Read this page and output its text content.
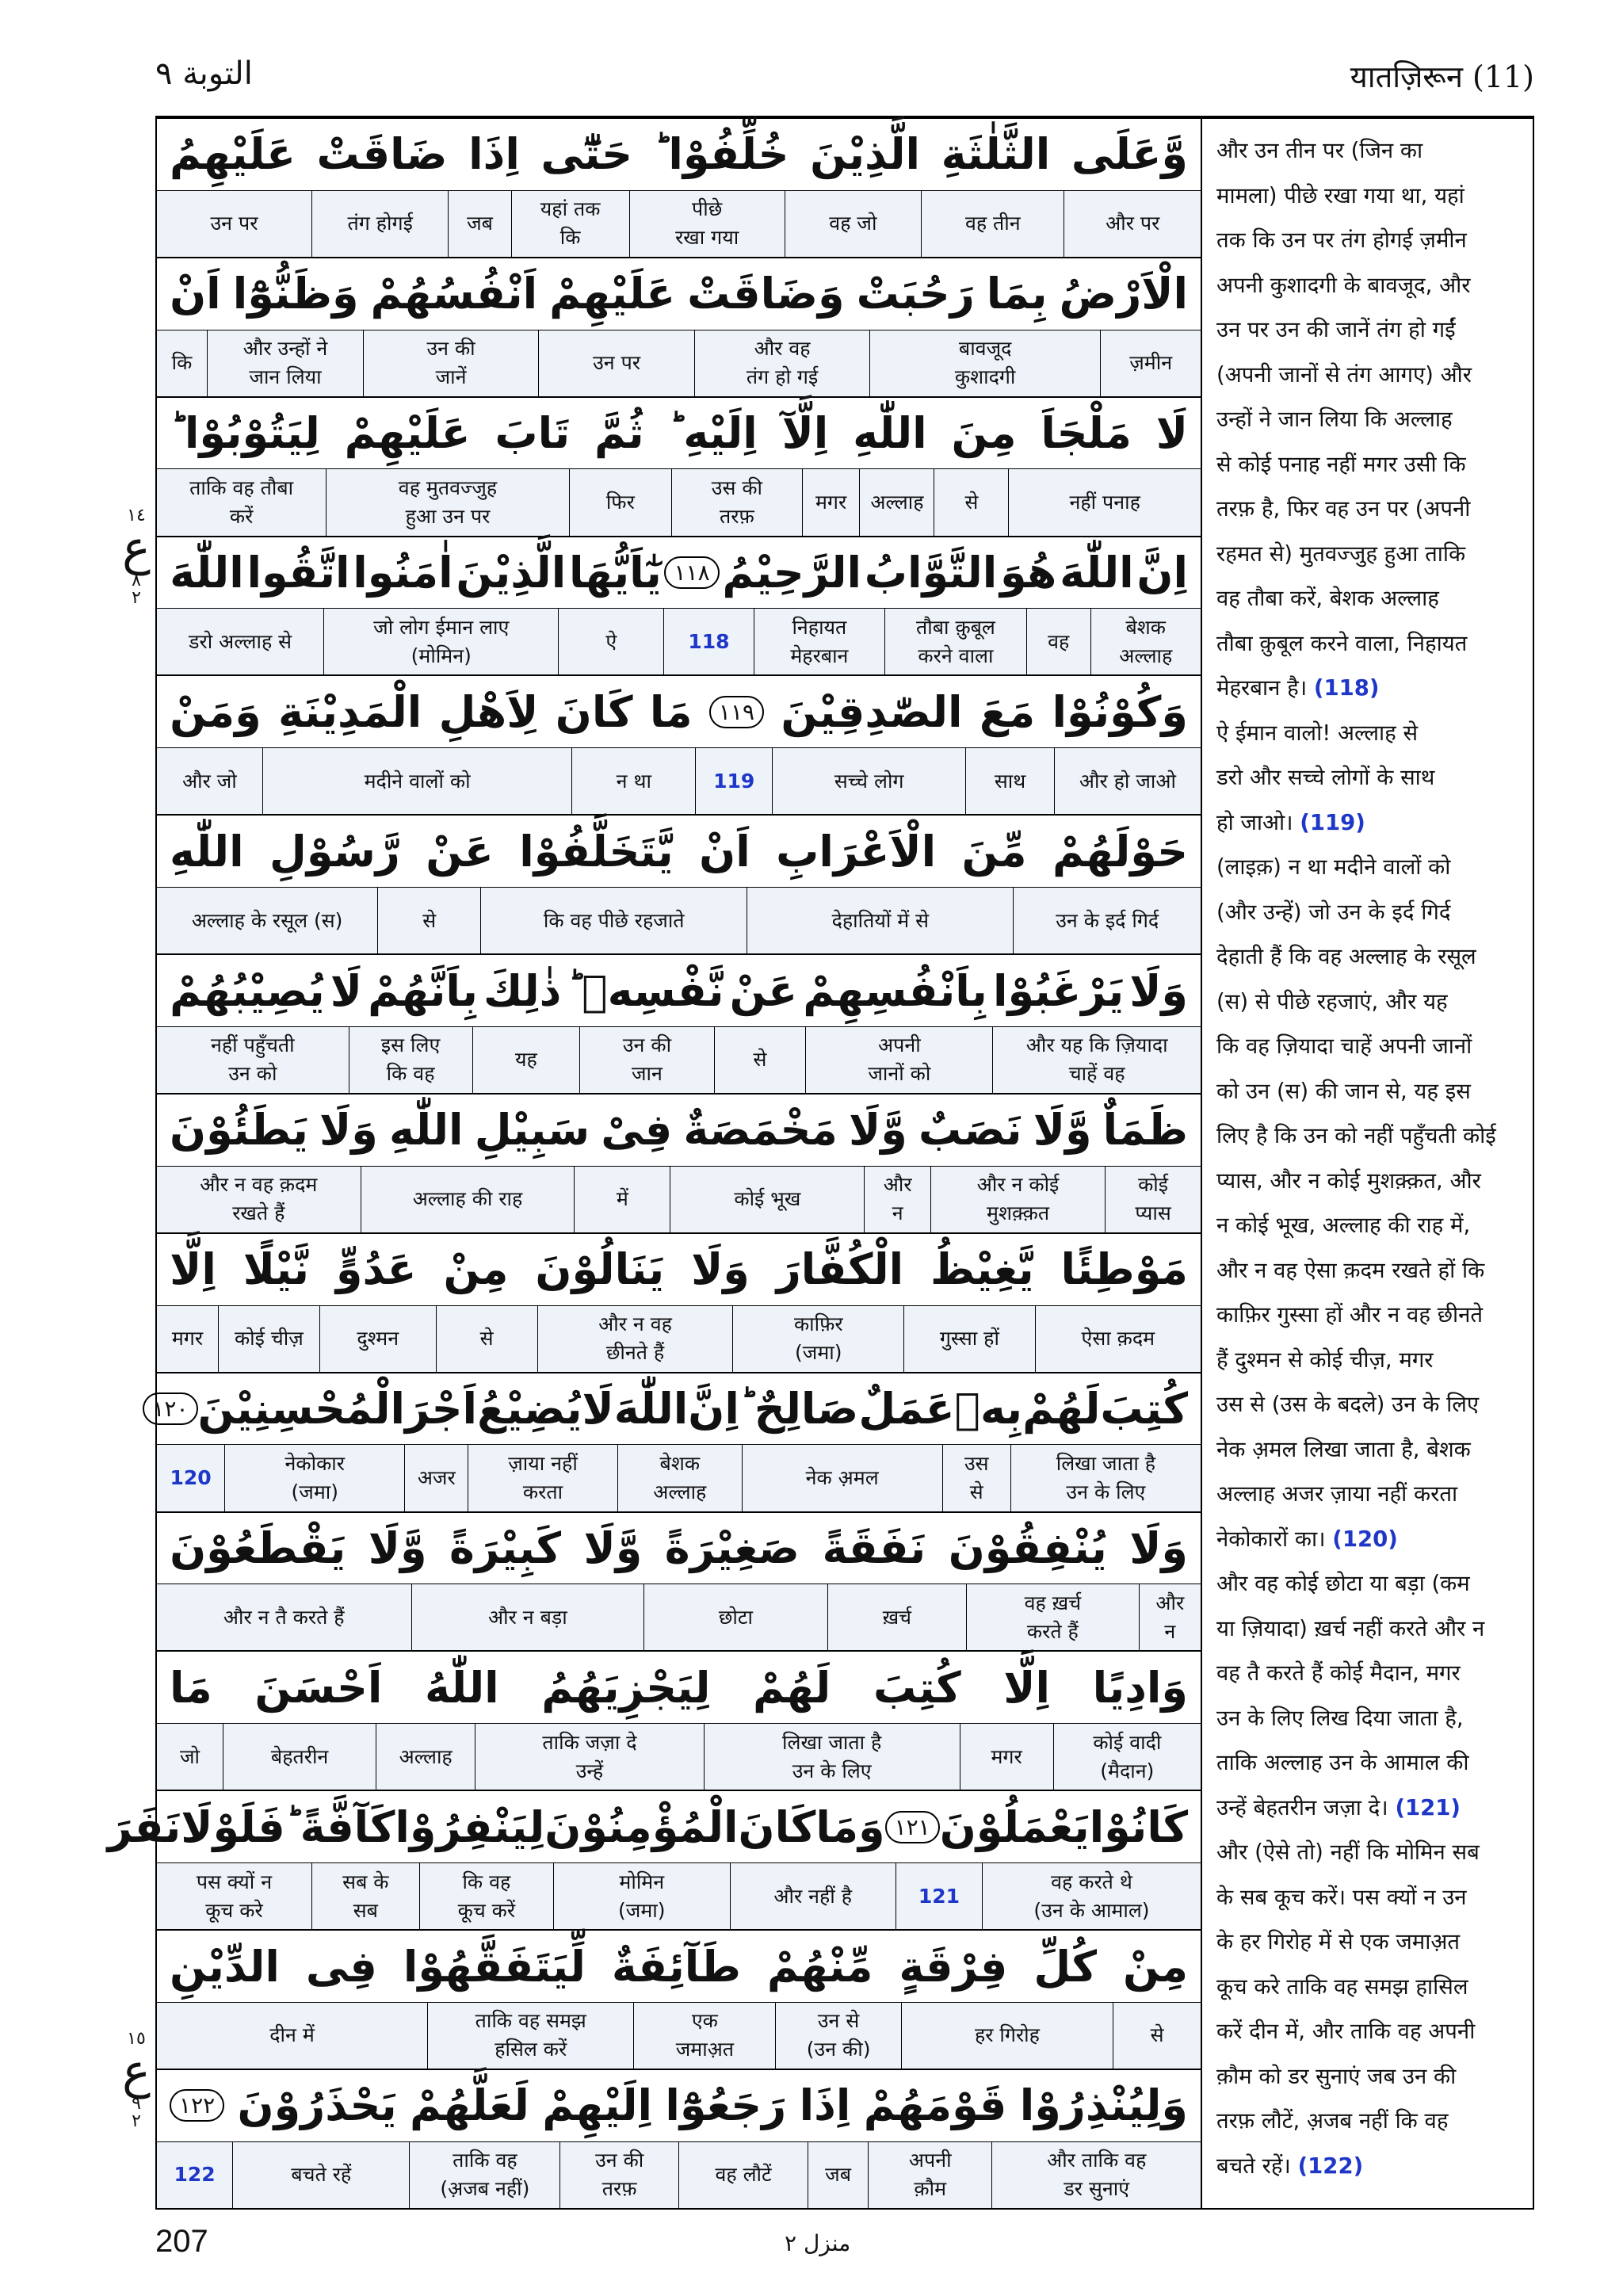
التوبة ٩	यातज़िरून (11)
وَّعَلَى
الثَّلٰثَةِ
الَّذِيْنَ
خُلِّفُوْا ؕ
حَتّٰٓى
اِذَا
ضَاقَتْ
عَلَيْهِمُ
और पर
वह तीन
वह जो
पीछे
रखा गया
यहां तक
कि
जब
तंग होगई
उन पर
الْاَرْضُ
بِمَا
رَحُبَتْ
وَضَاقَتْ
عَلَيْهِمْ
اَنْفُسُهُمْ
وَظَنُّوْٓا
اَنْ
ज़मीन
बावजूद
कुशादगी
और वह
तंग हो गई
उन पर
उन की
जानें
और उन्हों ने
जान लिया
कि
لَا
مَلْجَاَ
مِنَ
اللّٰهِ
اِلَّآ
اِلَيْهِ ؕ
ثُمَّ
تَابَ
عَلَيْهِمْ
لِيَتُوْبُوْا ؕ
नहीं पनाह
से
अल्लाह
मगर
उस की
तरफ़
फिर
वह मुतवज्जुह
हुआ उन पर
ताकि वह तौबा
करें
اِنَّ
اللّٰهَ
هُوَ
التَّوَّابُ
الرَّحِيْمُ
١١٨
يٰٓاَيُّهَا
الَّذِيْنَ
اٰمَنُوا
اتَّقُوا
اللّٰهَ
बेशक
अल्लाह
वह
तौबा क़ुबूल
करने वाला
निहायत
मेहरबान
118
ऐ
जो लोग ईमान लाए
(मोमिन)
डरो अल्लाह से
وَكُوْنُوْا
مَعَ
الصّٰدِقِيْنَ
١١٩
مَا
كَانَ
لِاَهْلِ
الْمَدِيْنَةِ
وَمَنْ
और हो जाओ
साथ
सच्चे लोग
119
न था
मदीने वालों को
और जो
حَوْلَهُمْ
مِّنَ
الْاَعْرَابِ
اَنْ
يَّتَخَلَّفُوْا
عَنْ
رَّسُوْلِ
اللّٰهِ
उन के इर्द गिर्द
देहातियों में से
कि वह पीछे रहजाते
से
अल्लाह के रसूल (स)
وَلَا
يَرْغَبُوْا
بِاَنْفُسِهِمْ
عَنْ
نَّفْسِهٖ ؕ
ذٰلِكَ
بِاَنَّهُمْ
لَا
يُصِيْبُهُمْ
और यह कि ज़ियादा
चाहें वह
अपनी
जानों को
से
उन की
जान
यह
इस लिए
कि वह
नहीं पहुँचती
उन को
ظَمَاٌ
وَّلَا
نَصَبٌ
وَّلَا
مَخْمَصَةٌ
فِىْ
سَبِيْلِ
اللّٰهِ
وَلَا
يَطَئُوْنَ
कोई
प्यास
और न कोई
मुशक़्क़त
और
न
कोई भूख
में
अल्लाह की राह
और न वह क़दम
रखते हैं
مَوْطِئًا
يَّغِيْظُ
الْكُفَّارَ
وَلَا
يَنَالُوْنَ
مِنْ
عَدُوٍّ
نَّيْلًا
اِلَّا
ऐसा क़दम
गुस्सा हों
काफ़िर
(जमा)
और न वह
छीनते हैं
से
दुश्मन
कोई चीज़
मगर
كُتِبَ
لَهُمْ
بِهٖ
عَمَلٌ
صَالِحٌ ؕ
اِنَّ
اللّٰهَ
لَا
يُضِيْعُ
اَجْرَ
الْمُحْسِنِيْنَ
١٢٠
लिखा जाता है
उन के लिए
उस
से
नेक अ़मल
बेशक
अल्लाह
ज़ाया नहीं
करता
अजर
नेकोकार
(जमा)
120
وَلَا
يُنْفِقُوْنَ
نَفَقَةً
صَغِيْرَةً
وَّلَا
كَبِيْرَةً
وَّلَا
يَقْطَعُوْنَ
और
न
वह ख़र्च
करते हैं
ख़र्च
छोटा
और न बड़ा
और न तै करते हैं
وَادِيًا
اِلَّا
كُتِبَ
لَهُمْ
لِيَجْزِيَهُمُ
اللّٰهُ
اَحْسَنَ
مَا
कोई वादी
(मैदान)
मगर
लिखा जाता है
उन के लिए
ताकि जज़ा दे
उन्हें
अल्लाह
बेहतरीन
जो
كَانُوْا
يَعْمَلُوْنَ
١٢١
وَمَا
كَانَ
الْمُؤْمِنُوْنَ
لِيَنْفِرُوْا
كَآفَّةً ؕ
فَلَوْلَا
نَفَرَ
वह करते थे
(उन के आमाल)
121
और नहीं है
मोमिन
(जमा)
कि वह
कूच करें
सब के
सब
पस क्यों न
कूच करे
مِنْ
كُلِّ
فِرْقَةٍ
مِّنْهُمْ
طَآئِفَةٌ
لِّيَتَفَقَّهُوْا
فِى
الدِّيْنِ
से
हर गिरोह
उन से
(उन की)
एक
जमाअ़त
ताकि वह समझ
हसिल करें
दीन में
وَلِيُنْذِرُوْا
قَوْمَهُمْ
اِذَا
رَجَعُوْٓا
اِلَيْهِمْ
لَعَلَّهُمْ
يَحْذَرُوْنَ
١٢٢
और ताकि वह
डर सुनाएं
अपनी
क़ौम
जब
वह लौटें
उन की
तरफ़
ताकि वह
(अ़जब नहीं)
बचते रहें
122

और उन तीन पर (जिन का
मामला) पीछे रखा गया था, यहां
तक कि उन पर तंग होगई ज़मीन
अपनी कुशादगी के बावजूद, और
उन पर उन की जानें तंग हो गईं
(अपनी जानों से तंग आगए) और
उन्हों ने जान लिया कि अल्लाह
से कोई पनाह नहीं मगर उसी कि
तरफ़ है, फिर वह उन पर (अपनी
रहमत से) मुतवज्जुह हुआ ताकि
वह तौबा करें, बेशक अल्लाह
तौबा क़ुबूल करने वाला, निहायत
मेहरबान है। (118)
ऐ ईमान वालो! अल्लाह से
डरो और सच्चे लोगों के साथ
हो जाओ। (119)
(लाइक़) न था मदीने वालों को
(और उन्हें) जो उन के इर्द गिर्द
देहाती हैं कि वह अल्लाह के रसूल
(स) से पीछे रहजाएं, और यह
कि वह ज़ियादा चाहें अपनी जानों
को उन (स) की जान से, यह इस
लिए है कि उन को नहीं पहुँचती कोई
प्यास, और न कोई मुशक़्क़त, और
न कोई भूख, अल्लाह की राह में,
और न वह ऐसा क़दम रखते हों कि
काफ़िर गुस्सा हों और न वह छीनते
हैं दुश्मन से कोई चीज़, मगर
उस से (उस के बदले) उन के लिए
नेक अ़मल लिखा जाता है, बेशक
अल्लाह अजर ज़ाया नहीं करता
नेकोकारों का। (120)
और वह कोई छोटा या बड़ा (कम
या ज़ियादा) ख़र्च नहीं करते और न
वह तै करते हैं कोई मैदान, मगर
उन के लिए लिख दिया जाता है,
ताकि अल्लाह उन के आमाल की
उन्हें बेहतरीन जज़ा दे। (121)
और (ऐसे तो) नहीं कि मोमिन सब
के सब कूच करें। पस क्यों न उन
के हर गिरोह में से एक जमाअ़त
कूच करे ताकि वह समझ हासिल
करें दीन में, और ताकि वह अपनी
क़ौम को डर सुनाएं जब उन की
तरफ़ लौटें, अ़जब नहीं कि वह
बचते रहें। (122)

١٤
ع
٨
٢
١٥
ع
٩
٢
207	منزل ٢
